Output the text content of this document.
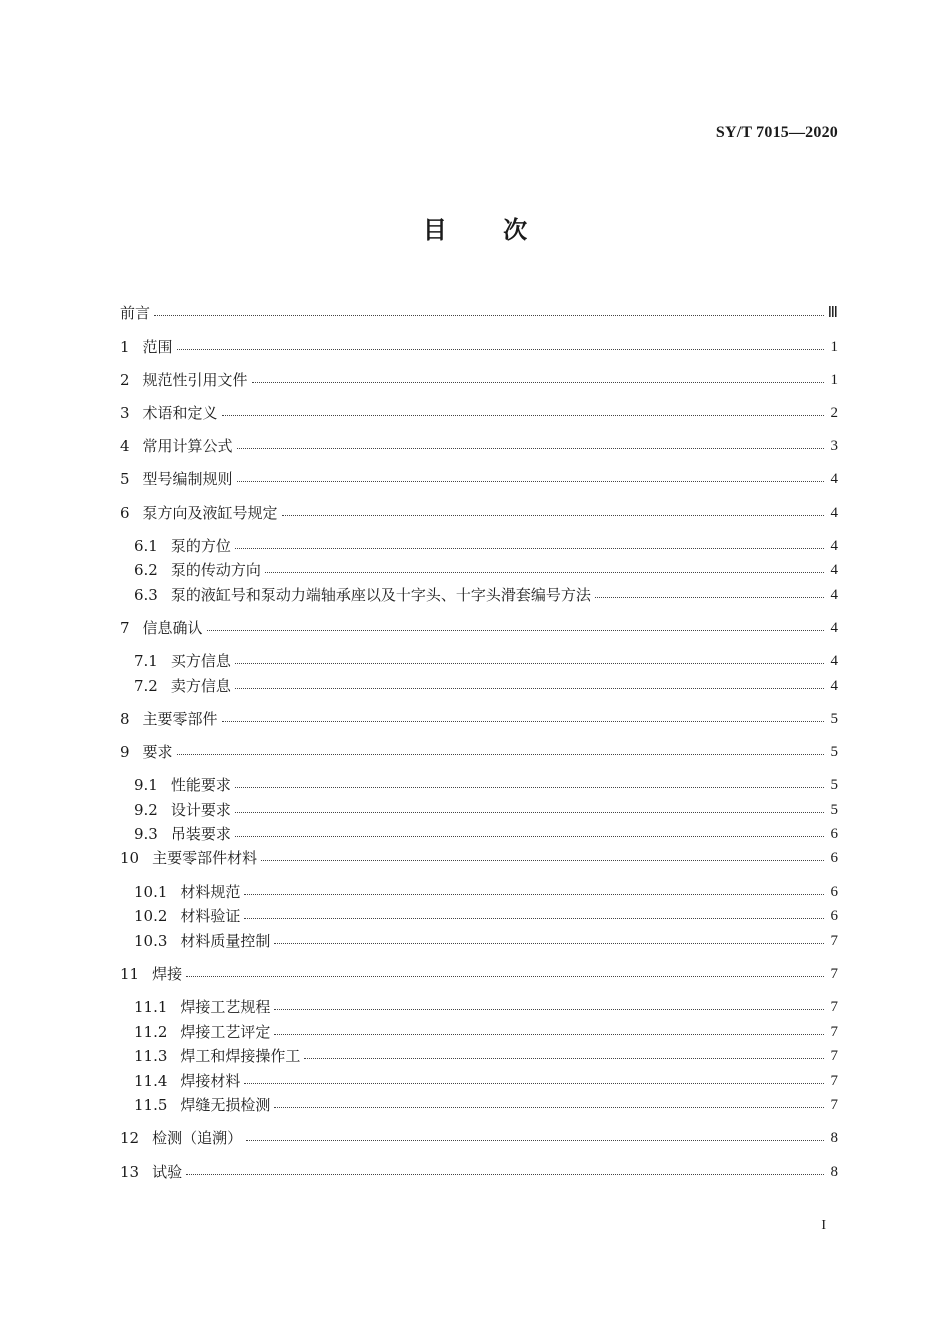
SY/T 7015—2020
目 次
前言	Ⅲ
1 范围	1
2 规范性引用文件	1
3 术语和定义	2
4 常用计算公式	3
5 型号编制规则	4
6 泵方向及液缸号规定	4
6.1 泵的方位	4
6.2 泵的传动方向	4
6.3 泵的液缸号和泵动力端轴承座以及十字头、十字头滑套编号方法	4
7 信息确认	4
7.1 买方信息	4
7.2 卖方信息	4
8 主要零部件	5
9 要求	5
9.1 性能要求	5
9.2 设计要求	5
9.3 吊装要求	6
10 主要零部件材料	6
10.1 材料规范	6
10.2 材料验证	6
10.3 材料质量控制	7
11 焊接	7
11.1 焊接工艺规程	7
11.2 焊接工艺评定	7
11.3 焊工和焊接操作工	7
11.4 焊接材料	7
11.5 焊缝无损检测	7
12 检测（追溯）	8
13 试验	8
I
